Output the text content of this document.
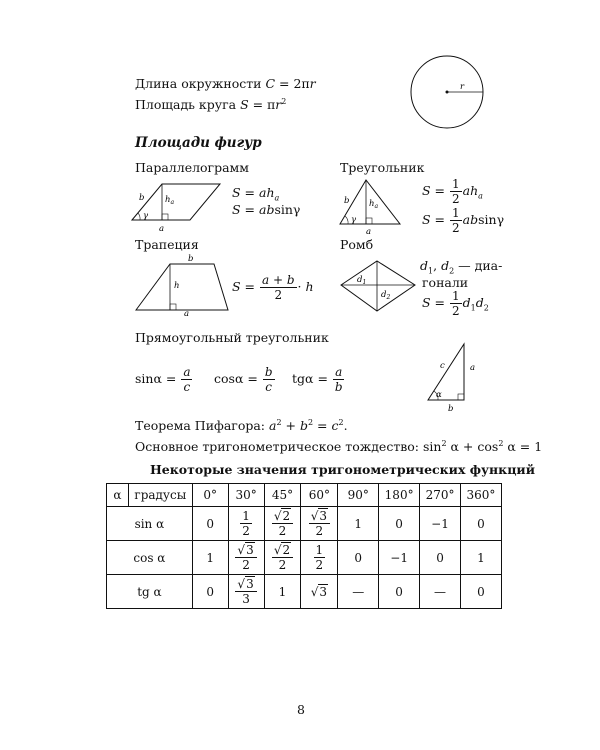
Длина окружности C = 2πr
Площадь круга $S = \pi r^2$
r
Площади фигур
Параллелограмм
b $h_a$
γ
a
$S = ah_a$
S = absinγ
Треугольник
b $h_a$
γ
a
$S = \frac{1}{2} ah_a$
$S = \frac{1}{2}$ absinγ
Трапеция
b
h
a
$S = \frac{a + b}{2} \cdot h$
Ромб
$d_1$
$d_2$
$d_1$, $d_2$ — диа-
гонали
$S = \frac{1}{2} d_1d_2$
Прямоугольный треугольник
$\sin\alpha = \frac{a}{c}$ $\cos\alpha = \frac{b}{c}$ $tg\alpha = \frac{a}{b}$	c	a
α
b
Теорема Пифагора: $a^2 + b^2 = c^2$.
Основное тригонометрическое тождество: $\sin^2 \alpha + \cos^2 \alpha = 1$
Некоторые значения тригонометрических функций
α	градусы	0°	30°	45°	60°	90°	180°	270°	360°
sin α		0	$\frac{1}{2}$	$\frac{√2}{2}$	$\frac{√3}{2}$	1	0	−1	0
cos α		1	$\frac{√3}{2}$	$\frac{√2}{2}$	$\frac{1}{2}$	0	−1	0	1
tg α		0	$\frac{√3}{3}$	1	√3	—	0	—	0
8
